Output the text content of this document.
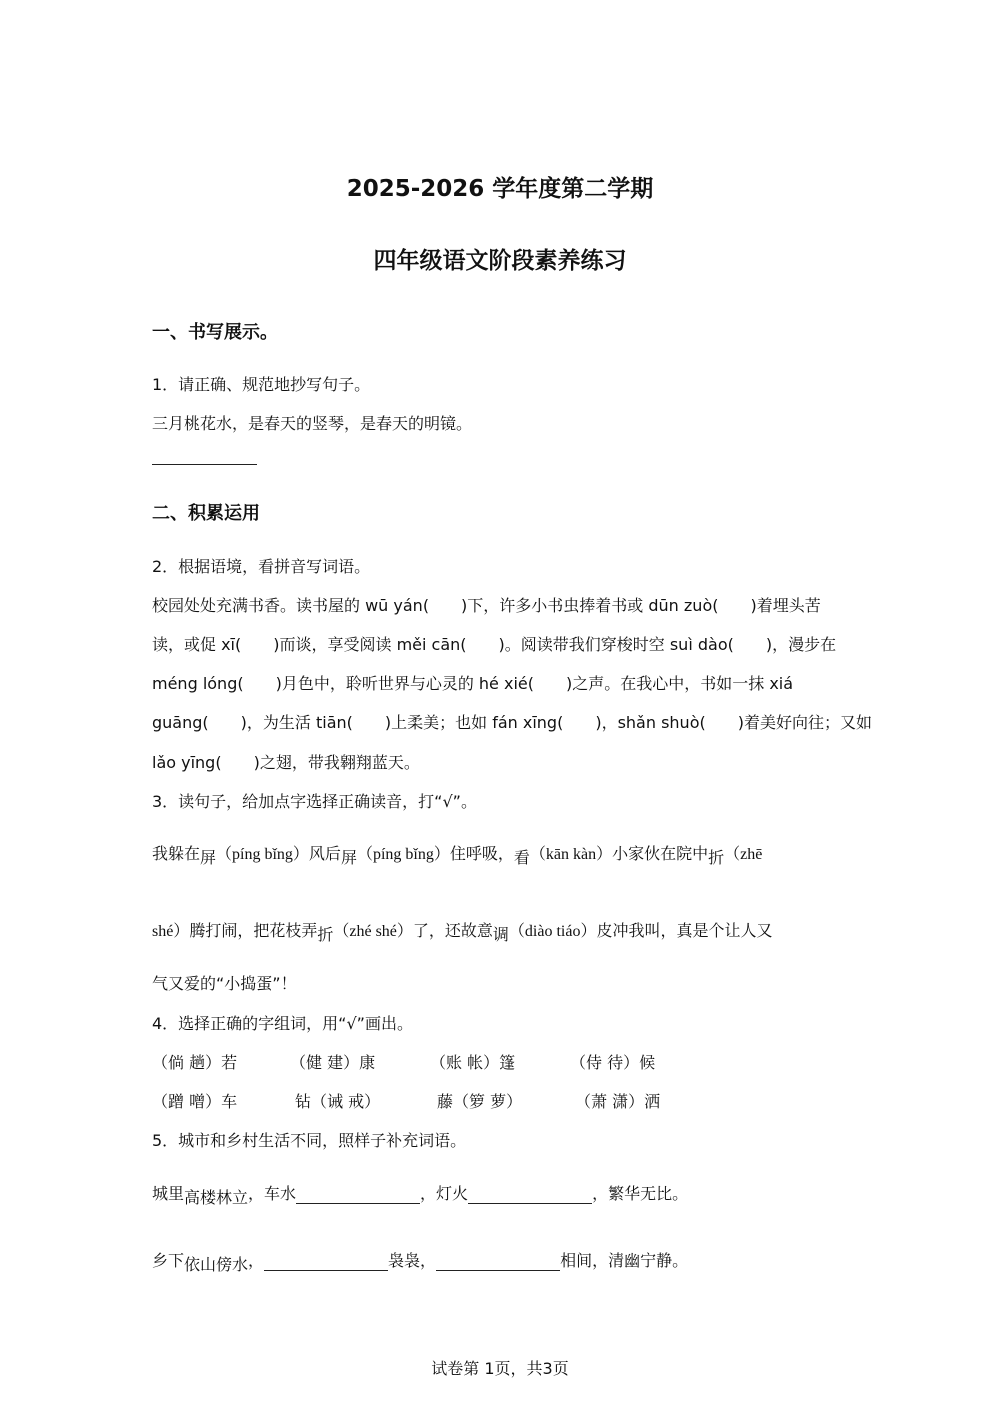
2025-2026 学年度第二学期
四年级语文阶段素养练习
一、书写展示。
1．请正确、规范地抄写句子。
三月桃花水，是春天的竖琴，是春天的明镜。
二、积累运用
2．根据语境，看拼音写词语。
校园处处充满书香。读书屋的 wū yán(　　)下，许多小书虫捧着书或 dūn zuò(　　)着埋头苦
读，或促 xī(　　)而谈，享受阅读 měi cān(　　)。阅读带我们穿梭时空 suì dào(　　)，漫步在
méng lóng(　　)月色中，聆听世界与心灵的 hé xié(　　)之声。在我心中，书如一抹 xiá
guāng(　　)，为生活 tiān(　　)上柔美；也如 fán xīng(　　)，shǎn shuò(　　)着美好向往；又如
lǎo yīng(　　)之翅，带我翱翔蓝天。
3．读句子，给加点字选择正确读音，打“√”。
我躲在屏（píng bǐng）风后屏（píng bǐng）住呼吸，看（kān kàn）小家伙在院中折（zhē
shé）腾打闹，把花枝弄折（zhé shé）了，还故意调（diào tiáo）皮冲我叫，真是个让人又
气又爱的“小捣蛋”！
4．选择正确的字组词，用“√”画出。
（倘 趟）若	（健 建）康	（账 帐）篷	（侍 待）候
（蹭 噌）车	钻（诫 戒）	藤（箩 萝）	（萧 潇）洒
5．城市和乡村生活不同，照样子补充词语。
城里高楼林立，车水	，灯火	，繁华无比。
乡下依山傍水，	袅袅，	相间，清幽宁静。
试卷第 1页，共3页
